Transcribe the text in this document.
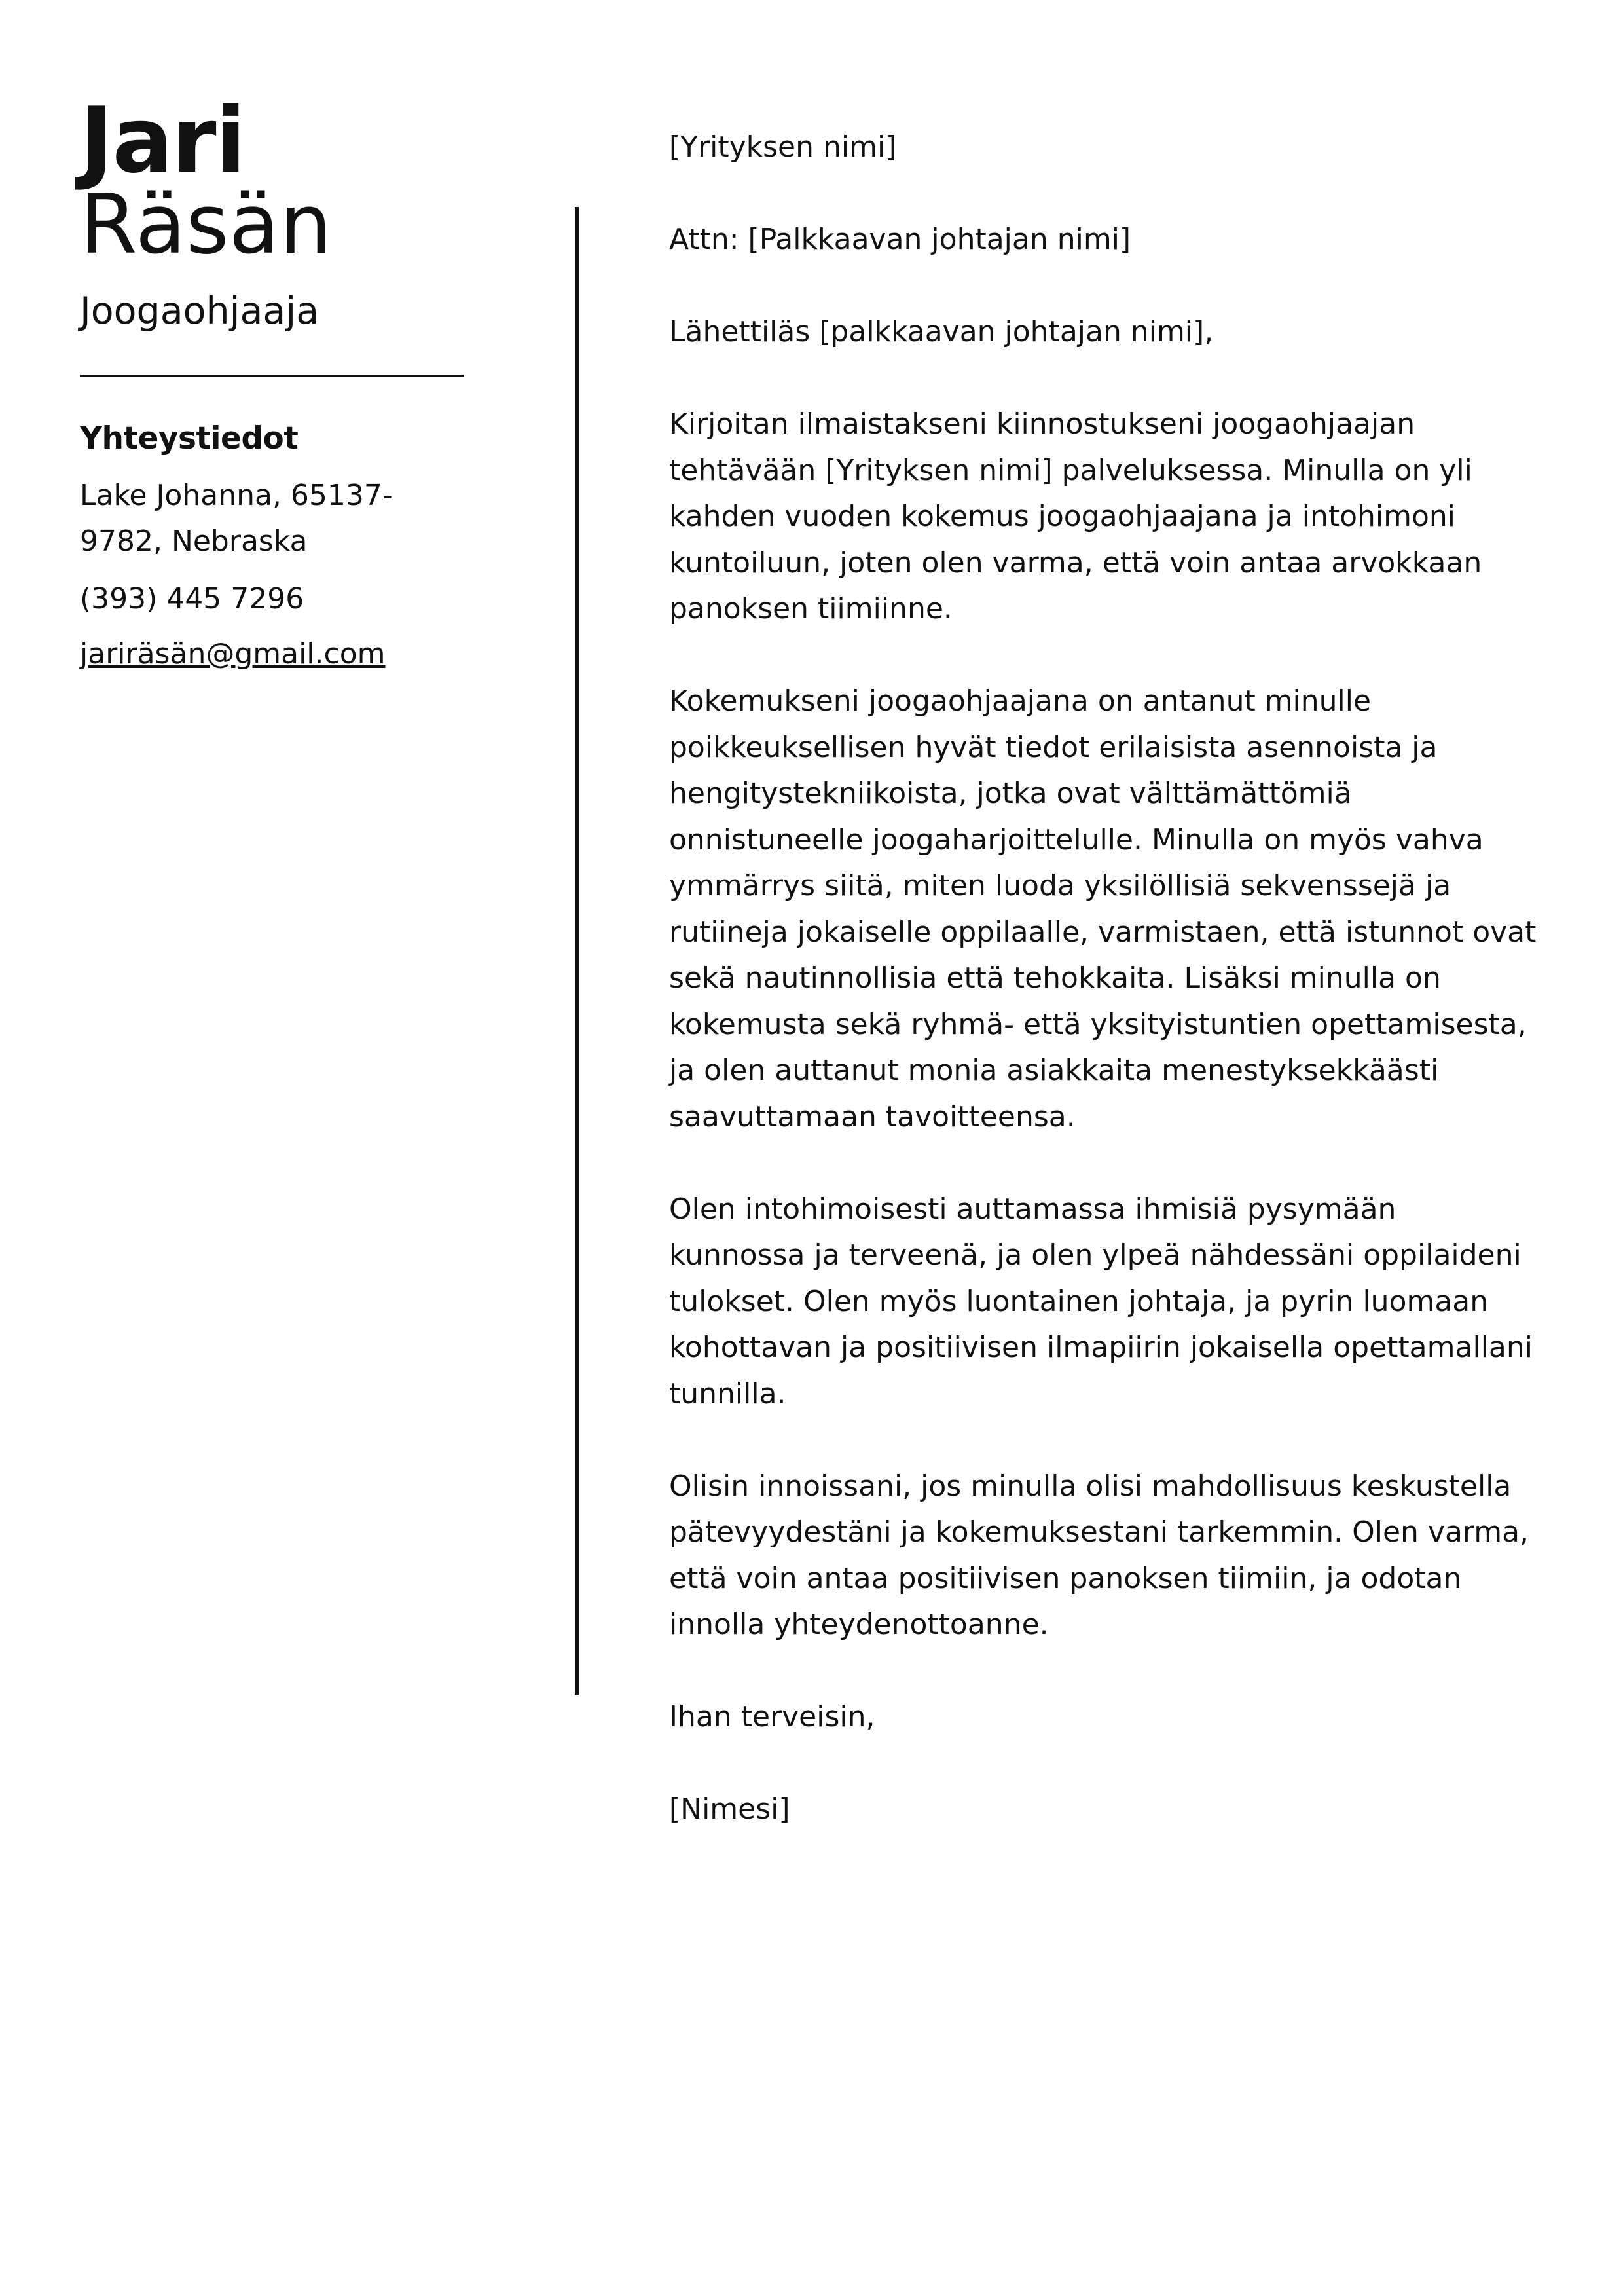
Jari
Räsän
Joogaohjaaja
Yhteystiedot
Lake Johanna, 65137-9782, Nebraska
(393) 445 7296
jariräsän@gmail.com

[Yrityksen nimi]

Attn: [Palkkaavan johtajan nimi]

Lähettiläs [palkkaavan johtajan nimi],

Kirjoitan ilmaistakseni kiinnostukseni joogaohjaajan tehtävään [Yrityksen nimi] palveluksessa. Minulla on yli kahden vuoden kokemus joogaohjaajana ja intohimoni kuntoiluun, joten olen varma, että voin antaa arvokkaan panoksen tiimiinne.

Kokemukseni joogaohjaajana on antanut minulle poikkeuksellisen hyvät tiedot erilaisista asennoista ja hengitystekniikoista, jotka ovat välttämättömiä onnistuneelle joogaharjoittelulle. Minulla on myös vahva ymmärrys siitä, miten luoda yksilöllisiä sekvenssejä ja rutiineja jokaiselle oppilaalle, varmistaen, että istunnot ovat sekä nautinnollisia että tehokkaita. Lisäksi minulla on kokemusta sekä ryhmä- että yksityistuntien opettamisesta, ja olen auttanut monia asiakkaita menestyksekkäästi saavuttamaan tavoitteensa.

Olen intohimoisesti auttamassa ihmisiä pysymään kunnossa ja terveenä, ja olen ylpeä nähdessäni oppilaideni tulokset. Olen myös luontainen johtaja, ja pyrin luomaan kohottavan ja positiivisen ilmapiirin jokaisella opettamallani tunnilla.

Olisin innoissani, jos minulla olisi mahdollisuus keskustella pätevyydestäni ja kokemuksestani tarkemmin. Olen varma, että voin antaa positiivisen panoksen tiimiin, ja odotan innolla yhteydenottoanne.

Ihan terveisin,

[Nimesi]
